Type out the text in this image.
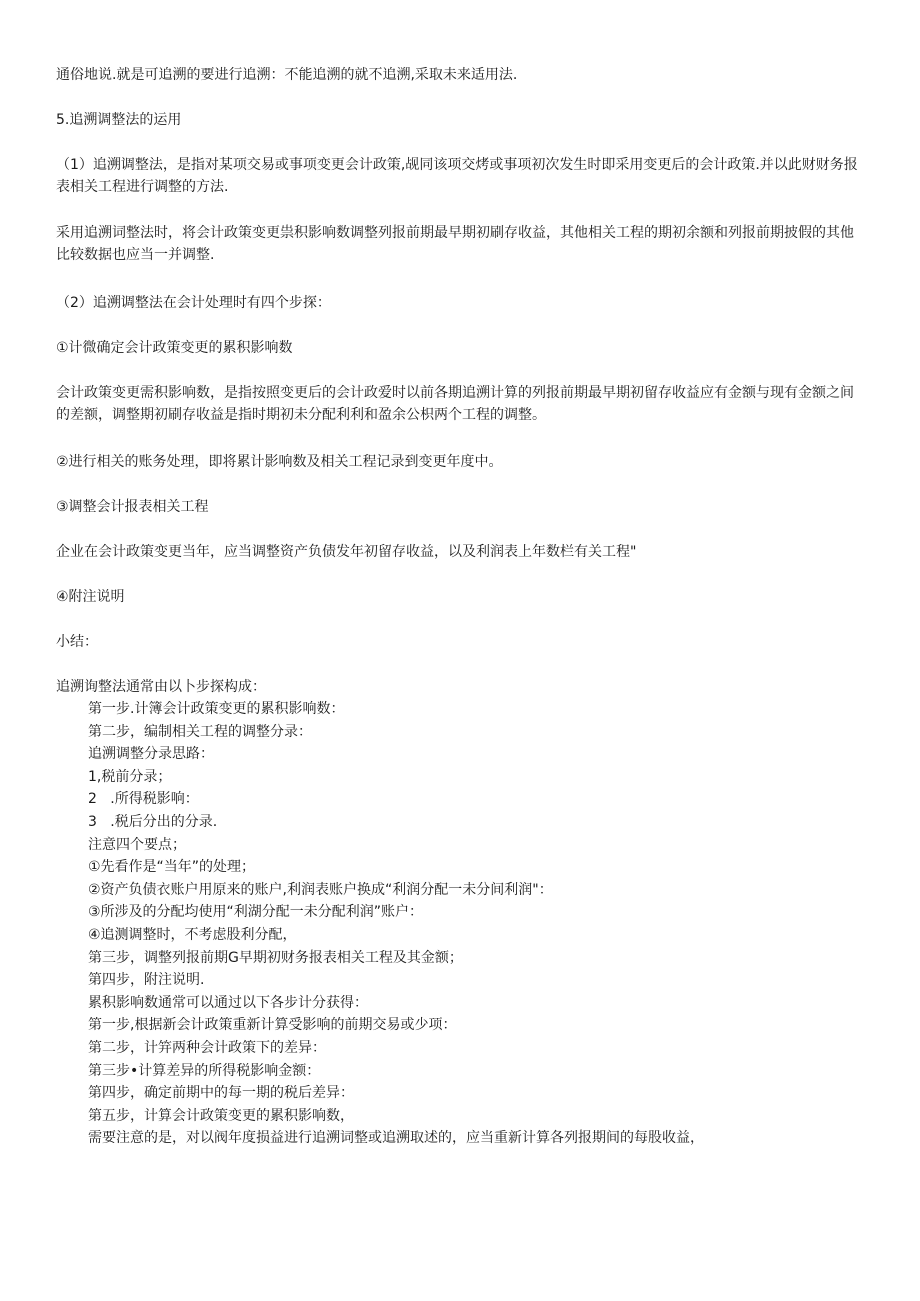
通俗地说.就是可追溯的要进行追溯：不能追溯的就不追溯,采取未来适用法.

5.追溯调整法的运用

（1）追溯调整法，是指对某项交易或事项变更会计政策,觇同该项交烤或事项初次发生时即采用变更后的会计政策.并以此财财务报表相关工程进行调整的方法.

采用追溯词整法时，将会计政策变更祟积影响数调整列报前期最早期初刷存收益，其他相关工程的期初余额和列报前期披假的其他比较数据也应当一并调整.

（2）追溯调整法在会计处理时有四个步探：

①计微确定会计政策变更的累积影响数

会计政策变更需积影响数，是指按照变更后的会计政爱时以前各期追溯计算的列报前期最早期初留存收益应有金额与现有金额之间的差额，调整期初刷存收益是指时期初未分配利利和盈余公枳两个工程的调整。

②进行相关的账务处理，即将累计影响数及相关工程记录到变更年度中。

③调整会计报表相关工程

企业在会计政策变更当年，应当调整资产负债发年初留存收益，以及利润表上年数栏有关工程"

④附注说明

小结：

追溯询整法通常由以卜步探构成：

第一步.计簿会计政策变更的累积影响数：
第二步，编制相关工程的调整分录：
追溯调整分录思路：
1,税前分录；
2   .所得税影响：
3   .税后分出的分录.
注意四个要点；
①先看作是“当年”的处理；
②资产负债衣账户用原来的账户,利润表账户换成“利润分配一未分间利润"：
③所涉及的分配均使用“利湖分配一未分配利润”账户：
④追测调整时，不考虑股利分配，
第三步，调整列报前期G早期初财务报表相关工程及其金额；
第四步，附注说明.
累积影响数通常可以通过以下各步计分获得：
第一步,根据新会计政策重新计算受影响的前期交易或少项：
第二步，计笄两种会计政策下的差异：
第三步•计算差异的所得税影响金额：
第四步，确定前期中的每一期的税后差异：
第五步，计算会计政策变更的累积影响数，
需要注意的是，对以阀年度损益进行追溯词整或追溯取述的，应当重新计算各列报期间的每股收益，
